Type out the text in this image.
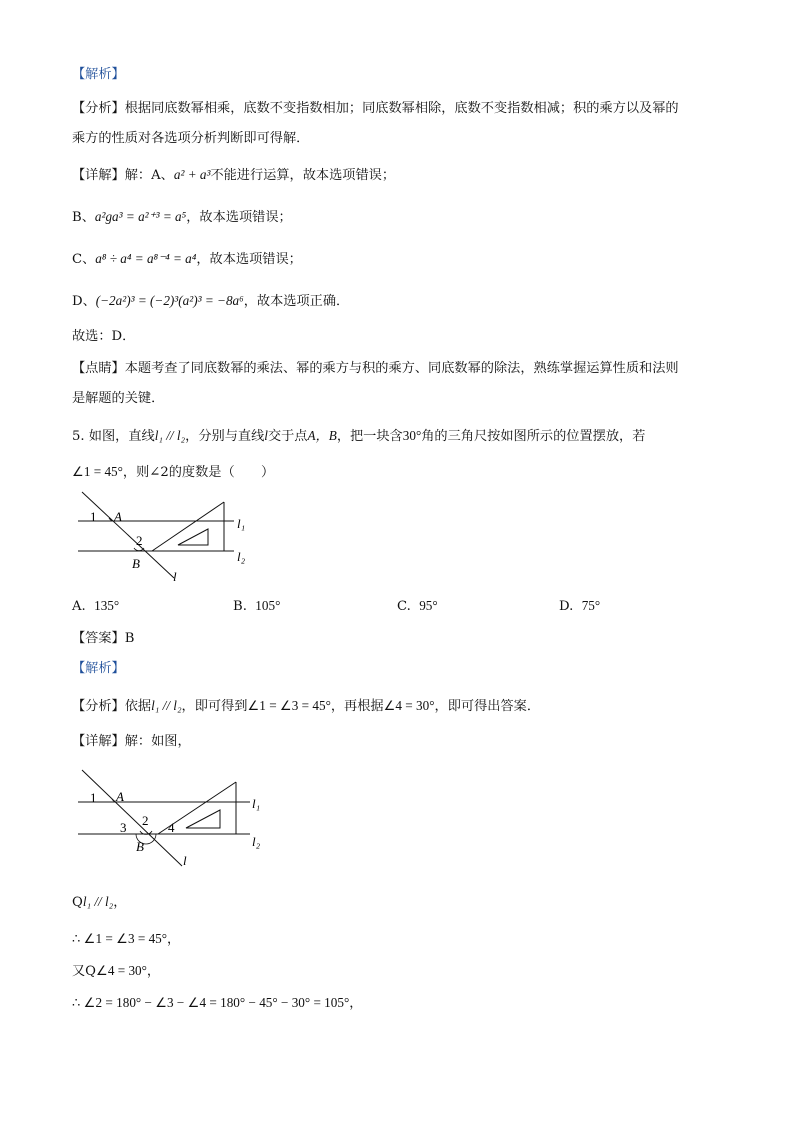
【解析】
【分析】根据同底数幂相乘，底数不变指数相加；同底数幂相除，底数不变指数相减；积的乘方以及幂的
乘方的性质对各选项分析判断即可得解．
【详解】解：A、a² + a³不能进行运算，故本选项错误；
B、a²ga³ = a²⁺³ = a⁵，故本选项错误；
C、a⁸ ÷ a⁴ = a⁸⁻⁴ = a⁴，故本选项错误；
D、(−2a²)³ = (−2)³(a²)³ = −8a⁶，故本选项正确．
故选：D．
【点睛】本题考查了同底数幂的乘法、幂的乘方与积的乘方、同底数幂的除法，熟练掌握运算性质和法则
是解题的关键．
5. 如图，直线l₁ // l₂，分别与直线l交于点A，B，把一块含30°角的三角尺按如图所示的位置摆放，若
∠1 = 45°，则∠2的度数是（　　）
1 A
2
B
l
l₁
l₂
A. 135°	B. 105°	C. 95°	D. 75°
【答案】B
【解析】
【分析】依据l₁ // l₂，即可得到∠1 = ∠3 = 45°，再根据∠4 = 30°，即可得出答案．
【详解】解：如图，
1 A
2
3	4
B
l
l₁
l₂
Ql₁ // l₂，
∴ ∠1 = ∠3 = 45°，
又Q∠4 = 30°，
∴ ∠2 = 180° − ∠3 − ∠4 = 180° − 45° − 30° = 105°，
